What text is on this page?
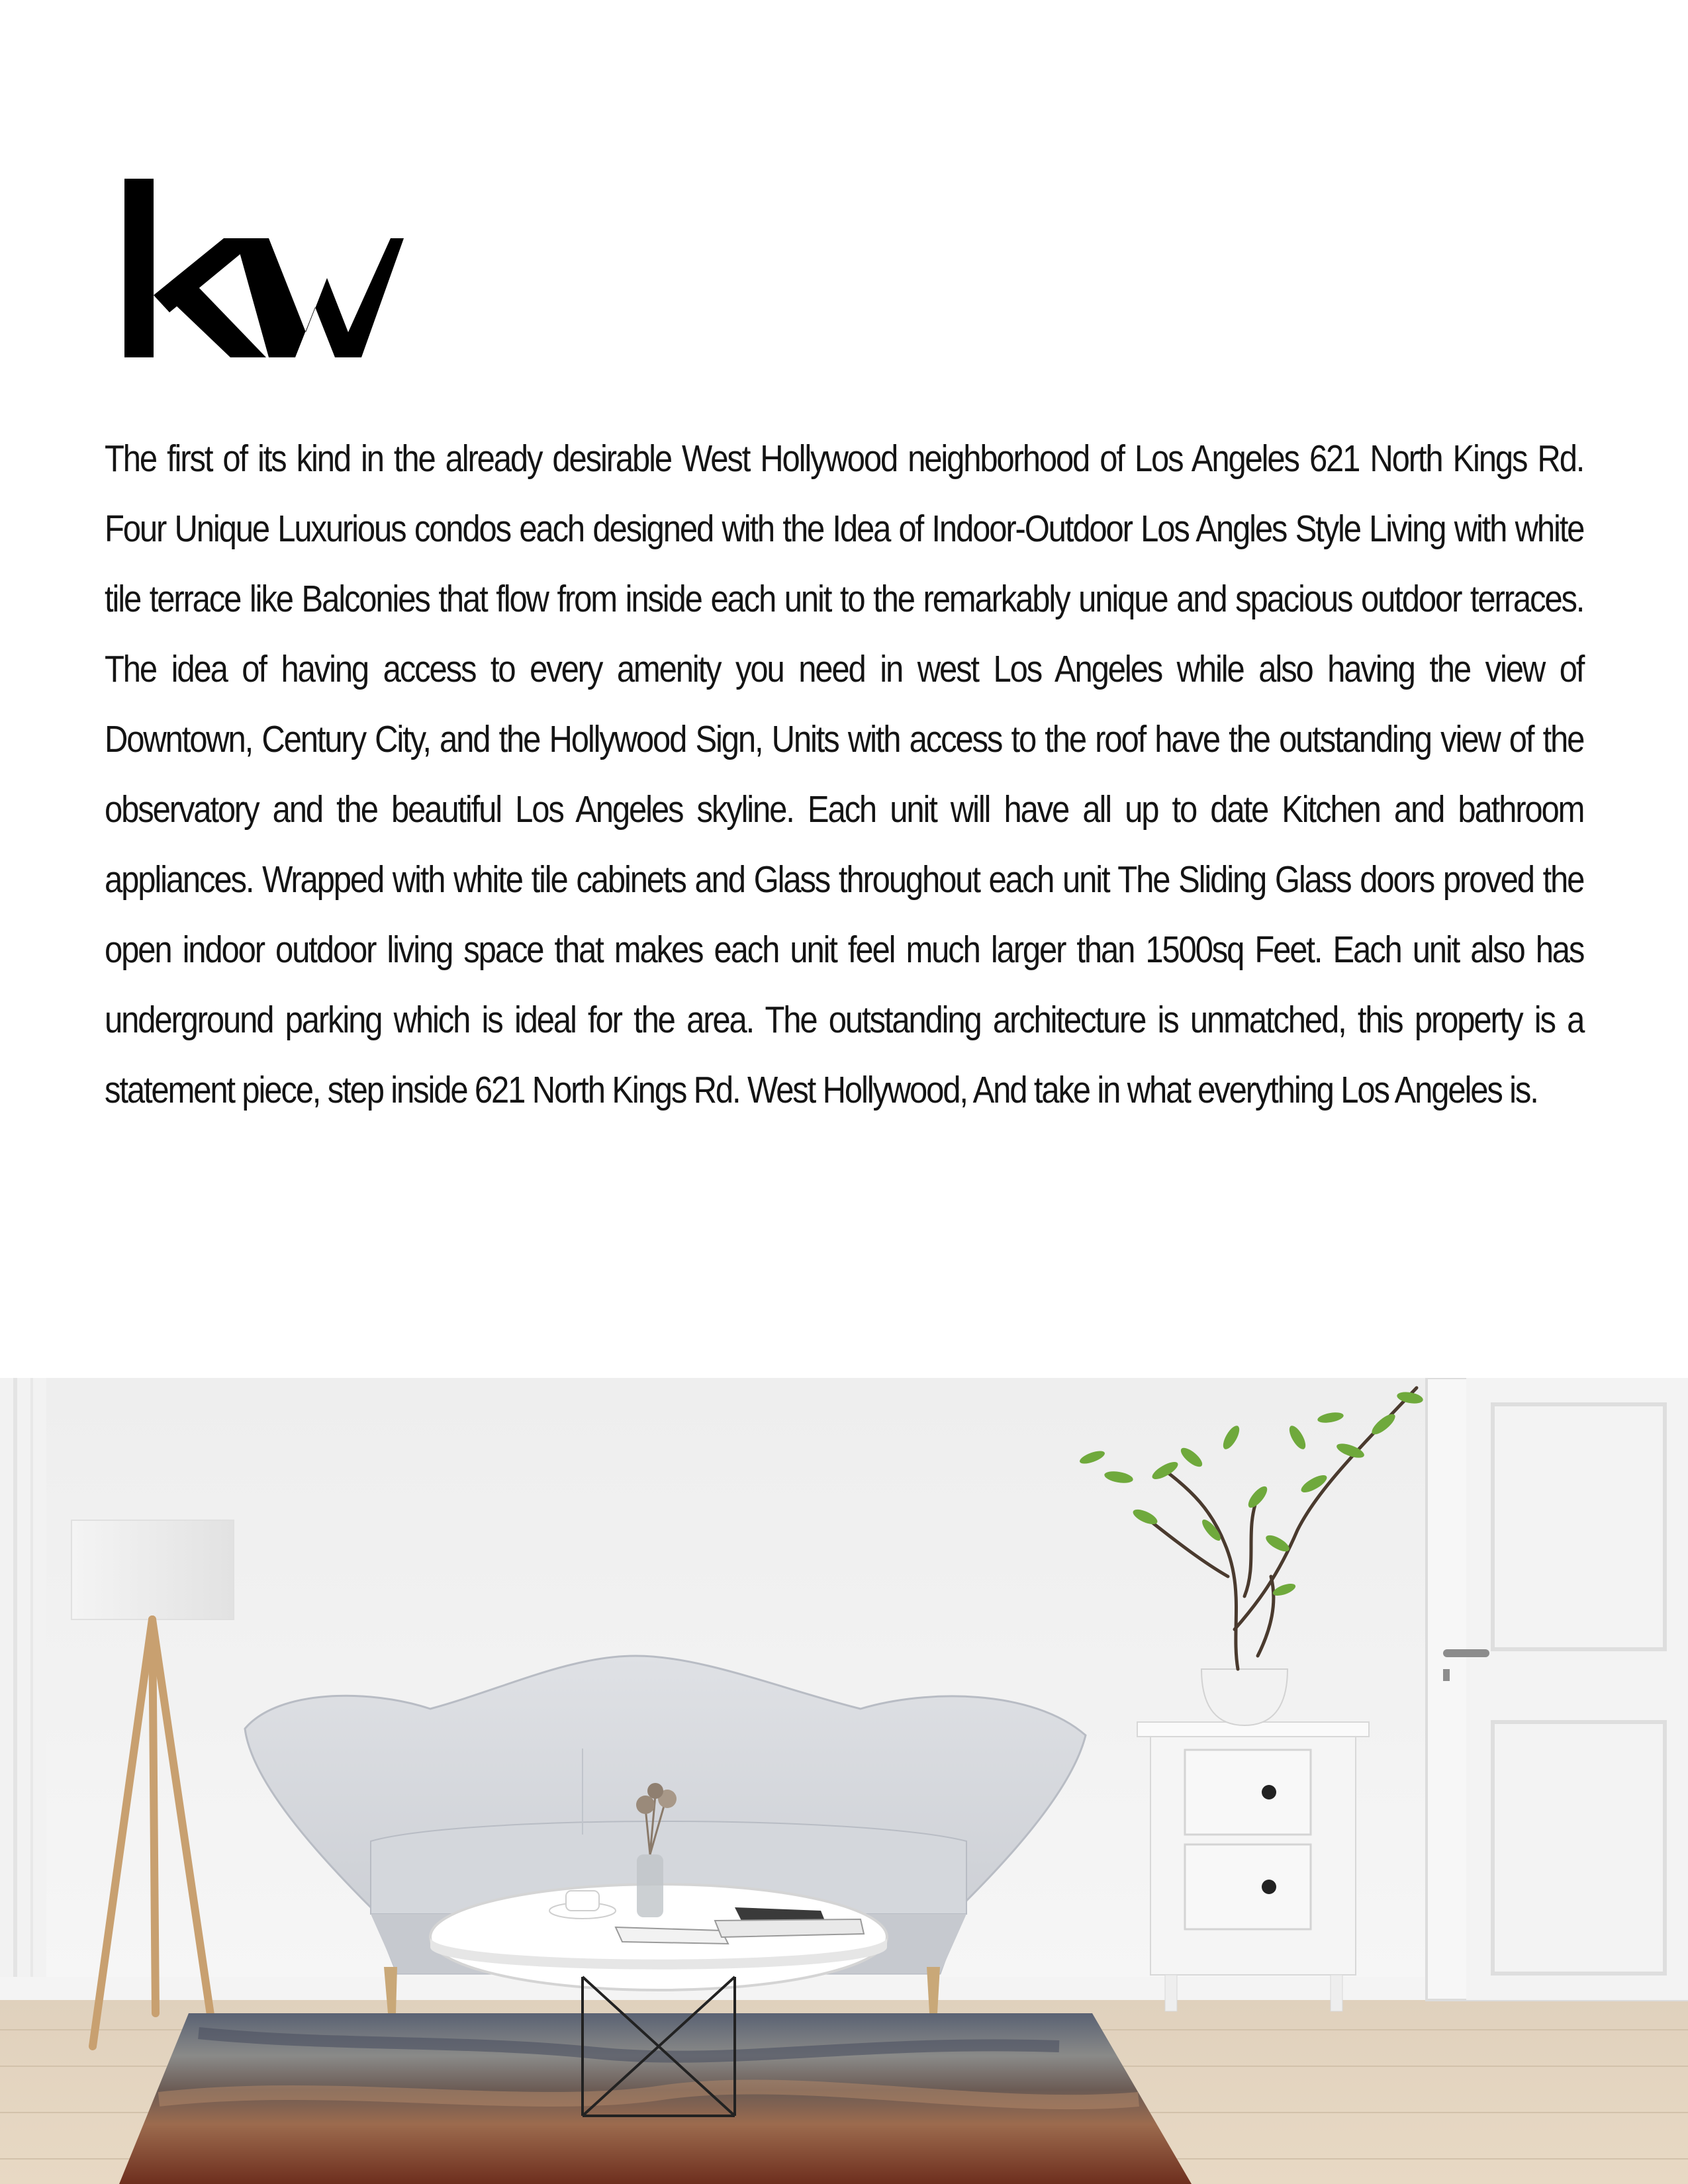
The first of its kind in the already desirable West Hollywood neighborhood of Los Angeles 621 North Kings Rd. Four Unique Luxurious condos each designed with the Idea of Indoor-Outdoor Los Angles Style Living with white tile terrace like Balconies that flow from inside each unit to the remarkably unique and spacious outdoor terraces. The idea of having access to every amenity you need in west Los Angeles while also having the view of Downtown, Century City, and the Hollywood Sign, Units with access to the roof have the outstanding view of the observatory and the beautiful Los Angeles skyline. Each unit will have all up to date Kitchen and bathroom appliances. Wrapped with white tile cabinets and Glass throughout each unit The Sliding Glass doors proved the open indoor outdoor living space that makes each unit feel much larger than 1500sq Feet. Each unit also has underground parking which is ideal for the area. The outstanding architecture is unmatched, this property is a statement piece, step inside 621 North Kings Rd. West Hollywood, And take in what everything Los Angeles is.
